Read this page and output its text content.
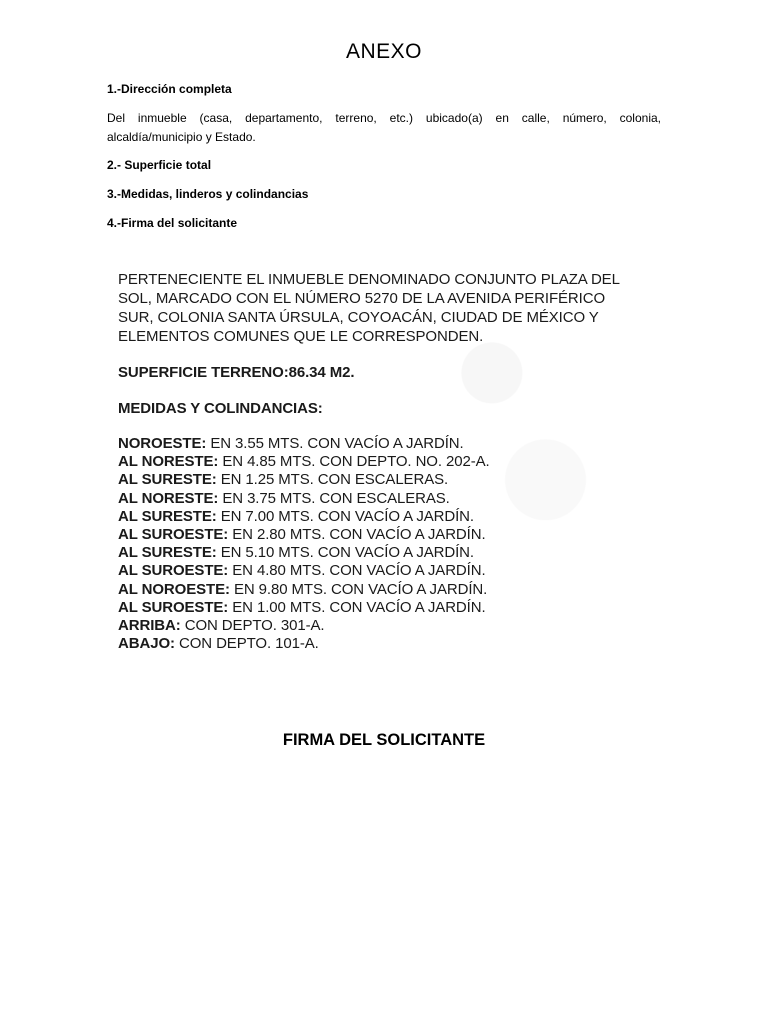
ANEXO
1.-Dirección completa
Del inmueble (casa, departamento, terreno, etc.) ubicado(a) en calle, número, colonia, alcaldía/municipio y Estado.
2.- Superficie total
3.-Medidas, linderos y colindancias
4.-Firma del solicitante
PERTENECIENTE EL INMUEBLE DENOMINADO CONJUNTO PLAZA DEL
SOL, MARCADO CON EL NÚMERO 5270 DE LA AVENIDA PERIFÉRICO
SUR, COLONIA SANTA ÚRSULA, COYOACÁN, CIUDAD DE MÉXICO Y
ELEMENTOS COMUNES QUE LE CORRESPONDEN.
SUPERFICIE TERRENO:86.34 M2.
MEDIDAS Y COLINDANCIAS:
NOROESTE: EN 3.55 MTS. CON VACÍO A JARDÍN.
AL NORESTE: EN 4.85 MTS. CON DEPTO. NO. 202-A.
AL SURESTE: EN 1.25 MTS. CON ESCALERAS.
AL NORESTE: EN 3.75 MTS. CON ESCALERAS.
AL SURESTE: EN 7.00 MTS. CON VACÍO A JARDÍN.
AL SUROESTE: EN 2.80 MTS. CON VACÍO A JARDÍN.
AL SURESTE: EN 5.10 MTS. CON VACÍO A JARDÍN.
AL SUROESTE: EN 4.80 MTS. CON VACÍO A JARDÍN.
AL NOROESTE: EN 9.80 MTS. CON VACÍO A JARDÍN.
AL SUROESTE: EN 1.00 MTS. CON VACÍO A JARDÍN.
ARRIBA: CON DEPTO. 301-A.
ABAJO: CON DEPTO. 101-A.
FIRMA DEL SOLICITANTE
